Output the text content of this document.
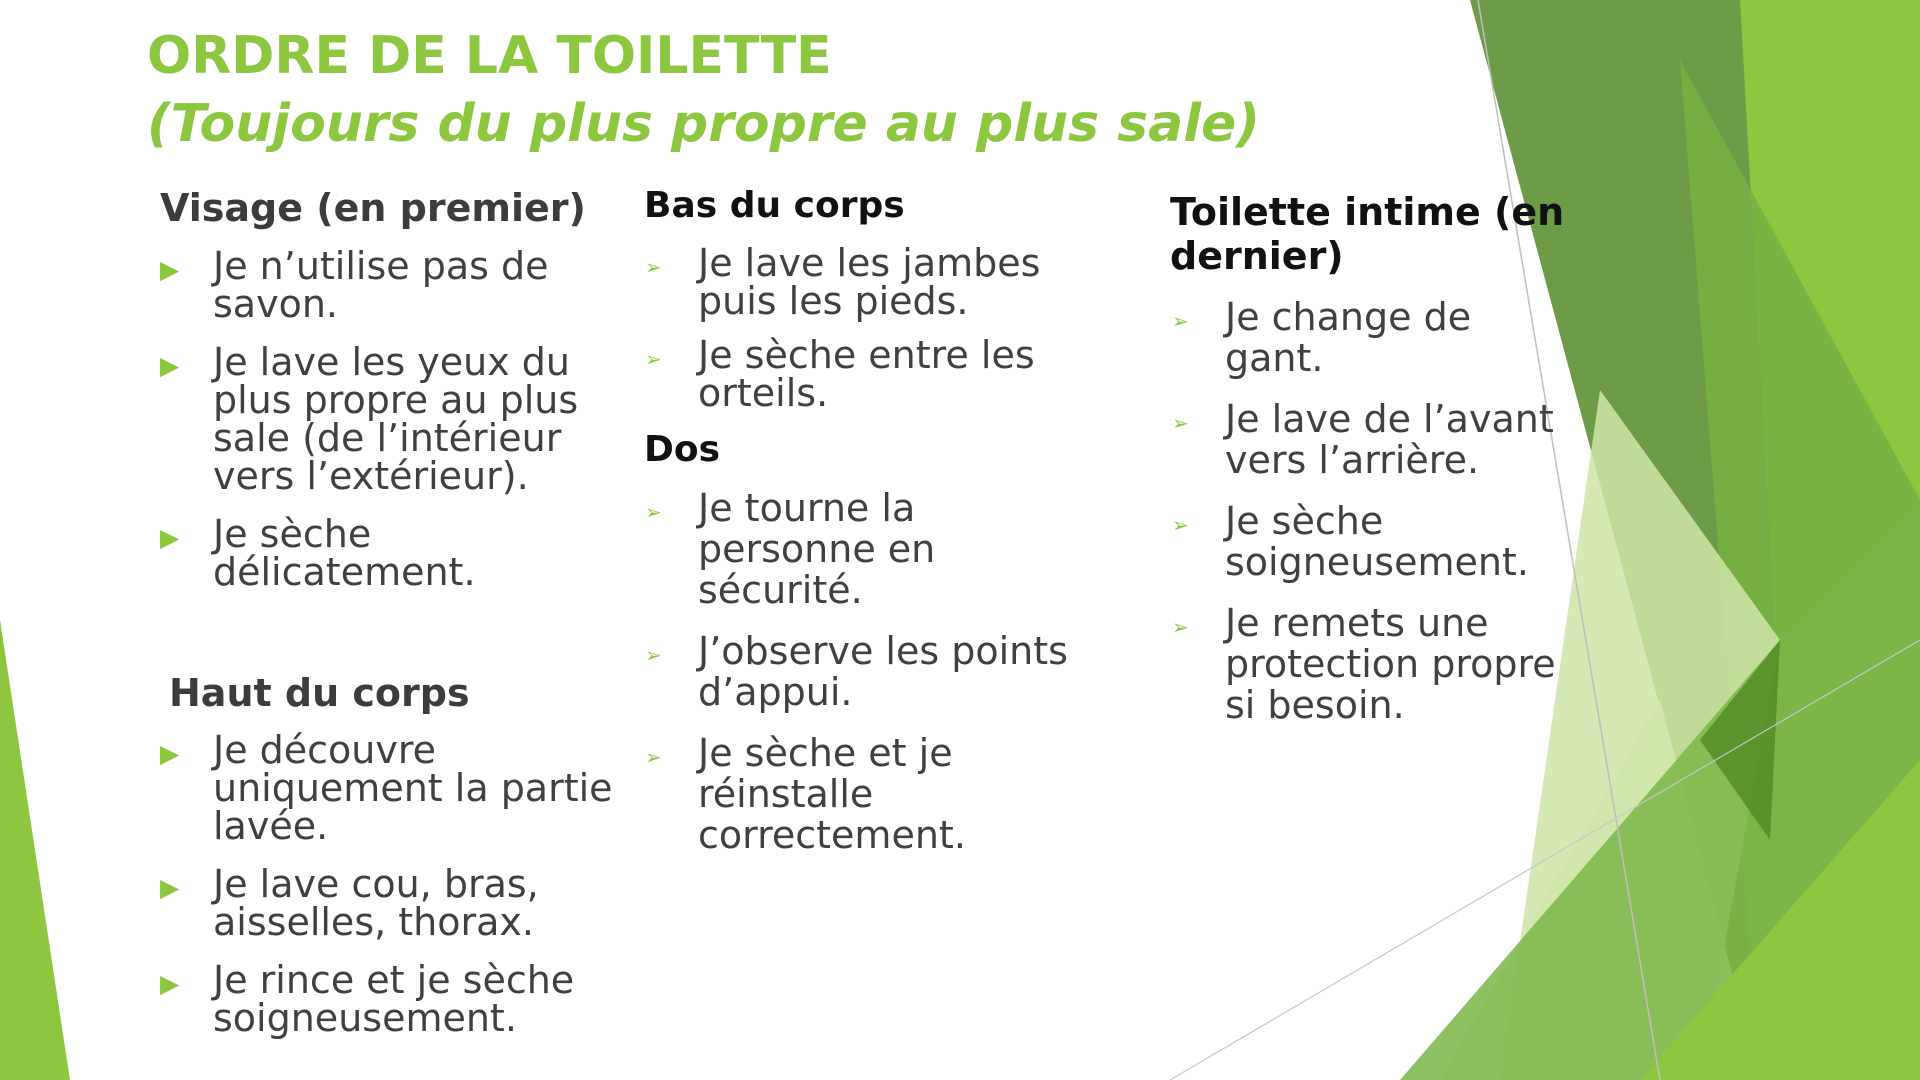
ORDRE DE LA TOILETTE
(Toujours du plus propre au plus sale)
Visage (en premier)
▶ Je n’utilise pas de savon.
▶ Je lave les yeux du plus propre au plus sale (de l’intérieur vers l’extérieur).
▶ Je sèche délicatement.
Haut du corps
▶ Je découvre uniquement la partie lavée.
▶ Je lave cou, bras, aisselles, thorax.
▶ Je rince et je sèche soigneusement.
Bas du corps
➢ Je lave les jambes puis les pieds.
➢ Je sèche entre les orteils.
Dos
➢ Je tourne la personne en sécurité.
➢ J’observe les points d’appui.
➢ Je sèche et je réinstalle correctement.
Toilette intime (en dernier)
➢ Je change de gant.
➢ Je lave de l’avant vers l’arrière.
➢ Je sèche soigneusement.
➢ Je remets une protection propre si besoin.
